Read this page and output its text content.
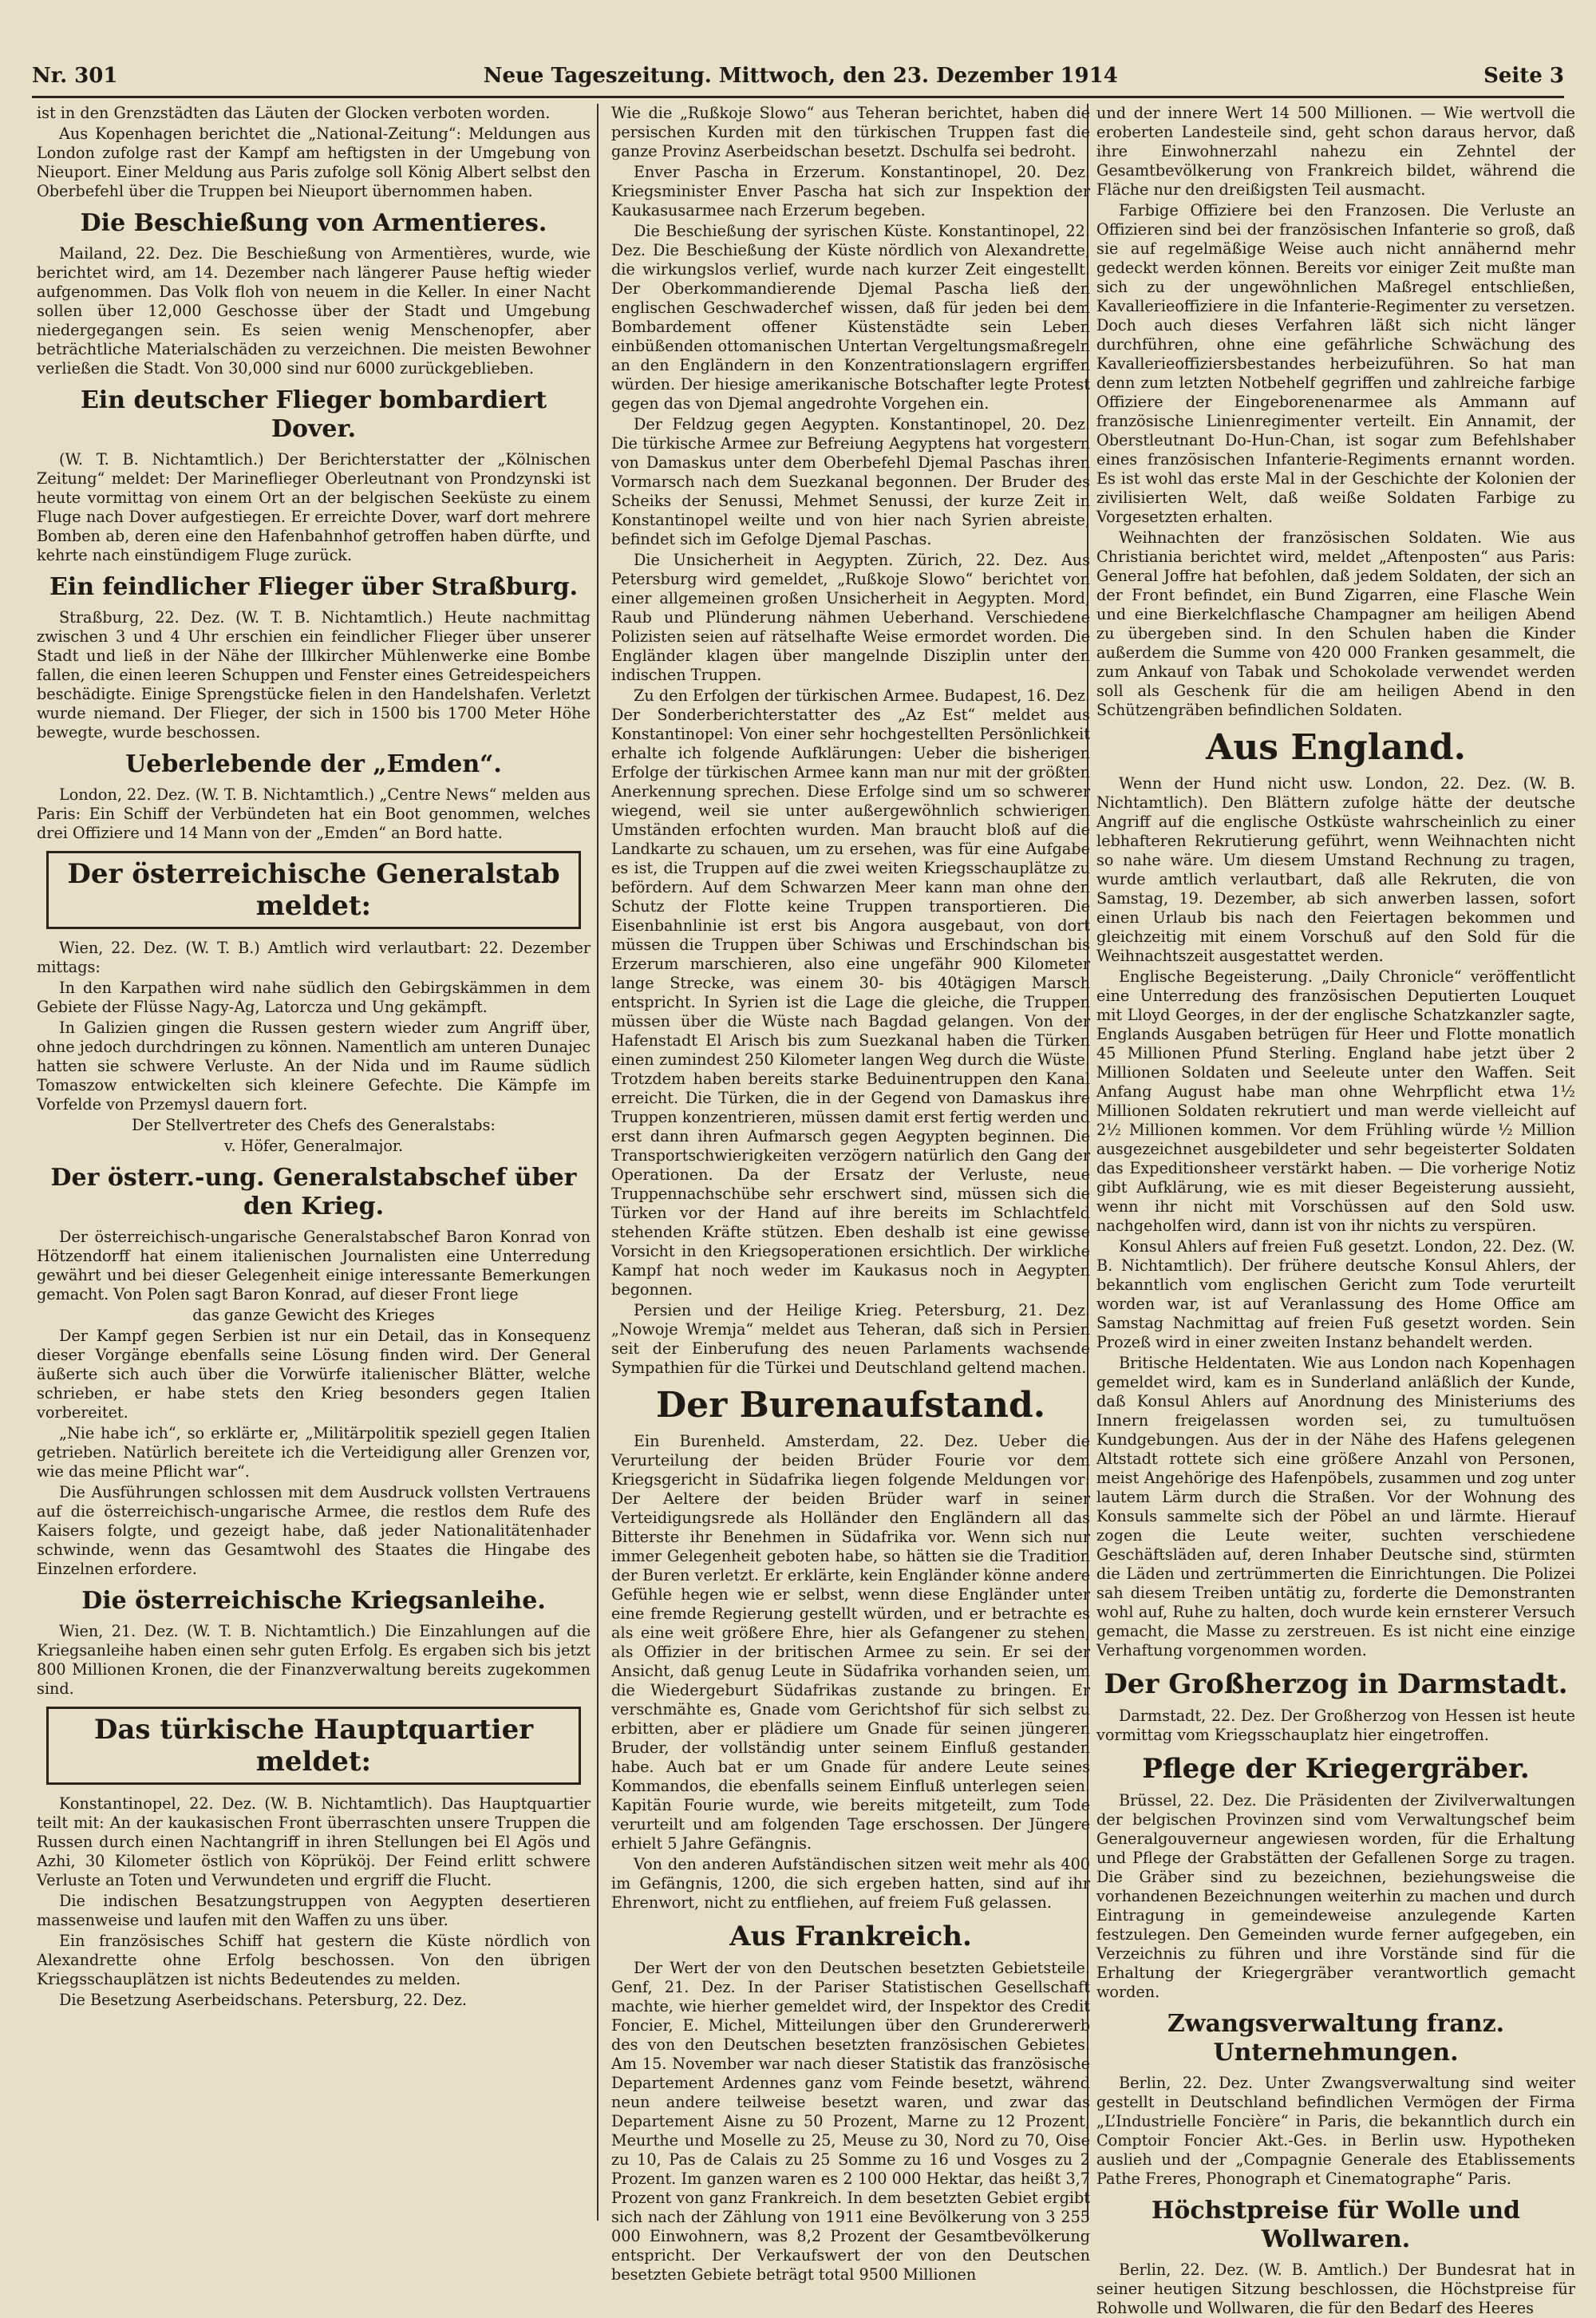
Nr. 301	Neue Tageszeitung. Mittwoch, den 23. Dezember 1914	Seite 3

ist in den Grenzstädten das Läuten der Glocken verboten worden.

Aus Kopenhagen berichtet die „National-Zeitung“: Meldungen aus London zufolge rast der Kampf am heftigsten in der Umgebung von Nieuport. Einer Meldung aus Paris zufolge soll König Albert selbst den Oberbefehl über die Truppen bei Nieuport übernommen haben.

Die Beschießung von Armentieres.

Mailand, 22. Dez. Die Beschießung von Armentières, wurde, wie berichtet wird, am 14. Dezember nach längerer Pause heftig wieder aufgenommen. Das Volk floh von neuem in die Keller. In einer Nacht sollen über 12,000 Geschosse über der Stadt und Umgebung niedergegangen sein. Es seien wenig Menschenopfer, aber beträchtliche Materialschäden zu verzeichnen. Die meisten Bewohner verließen die Stadt. Von 30,000 sind nur 6000 zurückgeblieben.

Ein deutscher Flieger bombardiert Dover.

(W. T. B. Nichtamtlich.) Der Berichterstatter der „Kölnischen Zeitung“ meldet: Der Marineflieger Oberleutnant von Prondzynski ist heute vormittag von einem Ort an der belgischen Seeküste zu einem Fluge nach Dover aufgestiegen. Er erreichte Dover, warf dort mehrere Bomben ab, deren eine den Hafenbahnhof getroffen haben dürfte, und kehrte nach einstündigem Fluge zurück.

Ein feindlicher Flieger über Straßburg.

Straßburg, 22. Dez. (W. T. B. Nichtamtlich.) Heute nachmittag zwischen 3 und 4 Uhr erschien ein feindlicher Flieger über unserer Stadt und ließ in der Nähe der Illkircher Mühlenwerke eine Bombe fallen, die einen leeren Schuppen und Fenster eines Getreidespeichers beschädigte. Einige Sprengstücke fielen in den Handelshafen. Verletzt wurde niemand. Der Flieger, der sich in 1500 bis 1700 Meter Höhe bewegte, wurde beschossen.

Ueberlebende der „Emden“.

London, 22. Dez. (W. T. B. Nichtamtlich.) „Centre News“ melden aus Paris: Ein Schiff der Verbündeten hat ein Boot genommen, welches drei Offiziere und 14 Mann von der „Emden“ an Bord hatte.

Der österreichische Generalstab meldet:

Wien, 22. Dez. (W. T. B.) Amtlich wird verlautbart: 22. Dezember mittags:

In den Karpathen wird nahe südlich den Gebirgskämmen in dem Gebiete der Flüsse Nagy-Ag, Latorcza und Ung gekämpft.

In Galizien gingen die Russen gestern wieder zum Angriff über, ohne jedoch durchdringen zu können. Namentlich am unteren Dunajec hatten sie schwere Verluste. An der Nida und im Raume südlich Tomaszow entwickelten sich kleinere Gefechte. Die Kämpfe im Vorfelde von Przemysl dauern fort.

Der Stellvertreter des Chefs des Generalstabs:

v. Höfer, Generalmajor.

Der österr.-ung. Generalstabschef über den Krieg.

Der österreichisch-ungarische Generalstabschef Baron Konrad von Hötzendorff hat einem italienischen Journalisten eine Unterredung gewährt und bei dieser Gelegenheit einige interessante Bemerkungen gemacht. Von Polen sagt Baron Konrad, auf dieser Front liege

das ganze Gewicht des Krieges

Der Kampf gegen Serbien ist nur ein Detail, das in Konsequenz dieser Vorgänge ebenfalls seine Lösung finden wird. Der General äußerte sich auch über die Vorwürfe italienischer Blätter, welche schrieben, er habe stets den Krieg besonders gegen Italien vorbereitet.

„Nie habe ich“, so erklärte er, „Militärpolitik speziell gegen Italien getrieben. Natürlich bereitete ich die Verteidigung aller Grenzen vor, wie das meine Pflicht war“.

Die Ausführungen schlossen mit dem Ausdruck vollsten Vertrauens auf die österreichisch-ungarische Armee, die restlos dem Rufe des Kaisers folgte, und gezeigt habe, daß jeder Nationalitätenhader schwinde, wenn das Gesamtwohl des Staates die Hingabe des Einzelnen erfordere.

Die österreichische Kriegsanleihe.

Wien, 21. Dez. (W. T. B. Nichtamtlich.) Die Einzahlungen auf die Kriegsanleihe haben einen sehr guten Erfolg. Es ergaben sich bis jetzt 800 Millionen Kronen, die der Finanzverwaltung bereits zugekommen sind.

Das türkische Hauptquartier meldet:

Konstantinopel, 22. Dez. (W. B. Nichtamtlich). Das Hauptquartier teilt mit: An der kaukasischen Front überraschten unsere Truppen die Russen durch einen Nachtangriff in ihren Stellungen bei El Agös und Azhi, 30 Kilometer östlich von Köprüköj. Der Feind erlitt schwere Verluste an Toten und Verwundeten und ergriff die Flucht.

Die indischen Besatzungstruppen von Aegypten desertieren massenweise und laufen mit den Waffen zu uns über.

Ein französisches Schiff hat gestern die Küste nördlich von Alexandrette ohne Erfolg beschossen. Von den übrigen Kriegsschauplätzen ist nichts Bedeutendes zu melden.

Die Besetzung Aserbeidschans. Petersburg, 22. Dez.

Wie die „Rußkoje Slowo“ aus Teheran berichtet, haben die persischen Kurden mit den türkischen Truppen fast die ganze Provinz Aserbeidschan besetzt. Dschulfa sei bedroht.

Enver Pascha in Erzerum. Konstantinopel, 20. Dez. Kriegsminister Enver Pascha hat sich zur Inspektion der Kaukasusarmee nach Erzerum begeben.

Die Beschießung der syrischen Küste. Konstantinopel, 22. Dez. Die Beschießung der Küste nördlich von Alexandrette, die wirkungslos verlief, wurde nach kurzer Zeit eingestellt. Der Oberkommandierende Djemal Pascha ließ den englischen Geschwaderchef wissen, daß für jeden bei dem Bombardement offener Küstenstädte sein Leben einbüßenden ottomanischen Untertan Vergeltungsmaßregeln an den Engländern in den Konzentrationslagern ergriffen würden. Der hiesige amerikanische Botschafter legte Protest gegen das von Djemal angedrohte Vorgehen ein.

Der Feldzug gegen Aegypten. Konstantinopel, 20. Dez. Die türkische Armee zur Befreiung Aegyptens hat vorgestern von Damaskus unter dem Oberbefehl Djemal Paschas ihren Vormarsch nach dem Suezkanal begonnen. Der Bruder des Scheiks der Senussi, Mehmet Senussi, der kurze Zeit in Konstantinopel weilte und von hier nach Syrien abreiste, befindet sich im Gefolge Djemal Paschas.

Die Unsicherheit in Aegypten. Zürich, 22. Dez. Aus Petersburg wird gemeldet, „Rußkoje Slowo“ berichtet von einer allgemeinen großen Unsicherheit in Aegypten. Mord, Raub und Plünderung nähmen Ueberhand. Verschiedene Polizisten seien auf rätselhafte Weise ermordet worden. Die Engländer klagen über mangelnde Disziplin unter den indischen Truppen.

Zu den Erfolgen der türkischen Armee. Budapest, 16. Dez. Der Sonderberichterstatter des „Az Est“ meldet aus Konstantinopel: Von einer sehr hochgestellten Persönlichkeit erhalte ich folgende Aufklärungen: Ueber die bisherigen Erfolge der türkischen Armee kann man nur mit der größten Anerkennung sprechen. Diese Erfolge sind um so schwerer wiegend, weil sie unter außergewöhnlich schwierigen Umständen erfochten wurden. Man braucht bloß auf die Landkarte zu schauen, um zu ersehen, was für eine Aufgabe es ist, die Truppen auf die zwei weiten Kriegsschauplätze zu befördern. Auf dem Schwarzen Meer kann man ohne den Schutz der Flotte keine Truppen transportieren. Die Eisenbahnlinie ist erst bis Angora ausgebaut, von dort müssen die Truppen über Schiwas und Erschindschan bis Erzerum marschieren, also eine ungefähr 900 Kilometer lange Strecke, was einem 30- bis 40tägigen Marsch entspricht. In Syrien ist die Lage die gleiche, die Truppen müssen über die Wüste nach Bagdad gelangen. Von der Hafenstadt El Arisch bis zum Suezkanal haben die Türken einen zumindest 250 Kilometer langen Weg durch die Wüste. Trotzdem haben bereits starke Beduinentruppen den Kanal erreicht. Die Türken, die in der Gegend von Damaskus ihre Truppen konzentrieren, müssen damit erst fertig werden und erst dann ihren Aufmarsch gegen Aegypten beginnen. Die Transportschwierigkeiten verzögern natürlich den Gang der Operationen. Da der Ersatz der Verluste, neue Truppennachschübe sehr erschwert sind, müssen sich die Türken vor der Hand auf ihre bereits im Schlachtfeld stehenden Kräfte stützen. Eben deshalb ist eine gewisse Vorsicht in den Kriegsoperationen ersichtlich. Der wirkliche Kampf hat noch weder im Kaukasus noch in Aegypten begonnen.

Persien und der Heilige Krieg. Petersburg, 21. Dez. „Nowoje Wremja“ meldet aus Teheran, daß sich in Persien seit der Einberufung des neuen Parlaments wachsende Sympathien für die Türkei und Deutschland geltend machen.

Der Burenaufstand.

Ein Burenheld. Amsterdam, 22. Dez. Ueber die Verurteilung der beiden Brüder Fourie vor dem Kriegsgericht in Südafrika liegen folgende Meldungen vor: Der Aeltere der beiden Brüder warf in seiner Verteidigungsrede als Holländer den Engländern all das Bitterste ihr Benehmen in Südafrika vor. Wenn sich nur immer Gelegenheit geboten habe, so hätten sie die Tradition der Buren verletzt. Er erklärte, kein Engländer könne andere Gefühle hegen wie er selbst, wenn diese Engländer unter eine fremde Regierung gestellt würden, und er betrachte es als eine weit größere Ehre, hier als Gefangener zu stehen, als Offizier in der britischen Armee zu sein. Er sei der Ansicht, daß genug Leute in Südafrika vorhanden seien, um die Wiedergeburt Südafrikas zustande zu bringen. Er verschmähte es, Gnade vom Gerichtshof für sich selbst zu erbitten, aber er plädiere um Gnade für seinen jüngeren Bruder, der vollständig unter seinem Einfluß gestanden habe. Auch bat er um Gnade für andere Leute seines Kommandos, die ebenfalls seinem Einfluß unterlegen seien. Kapitän Fourie wurde, wie bereits mitgeteilt, zum Tode verurteilt und am folgenden Tage erschossen. Der Jüngere erhielt 5 Jahre Gefängnis.

Von den anderen Aufständischen sitzen weit mehr als 400 im Gefängnis, 1200, die sich ergeben hatten, sind auf ihr Ehrenwort, nicht zu entfliehen, auf freiem Fuß gelassen.

Aus Frankreich.

Der Wert der von den Deutschen besetzten Gebietsteile. Genf, 21. Dez. In der Pariser Statistischen Gesellschaft machte, wie hierher gemeldet wird, der Inspektor des Credit Foncier, E. Michel, Mitteilungen über den Grundererwerb des von den Deutschen besetzten französischen Gebietes. Am 15. November war nach dieser Statistik das französische Departement Ardennes ganz vom Feinde besetzt, während neun andere teilweise besetzt waren, und zwar das Departement Aisne zu 50 Prozent, Marne zu 12 Prozent, Meurthe und Moselle zu 25, Meuse zu 30, Nord zu 70, Oise zu 10, Pas de Calais zu 25 Somme zu 16 und Vosges zu 2 Prozent. Im ganzen waren es 2 100 000 Hektar, das heißt 3,7 Prozent von ganz Frankreich. In dem besetzten Gebiet ergibt sich nach der Zählung von 1911 eine Bevölkerung von 3 255 000 Einwohnern, was 8,2 Prozent der Gesamtbevölkerung entspricht. Der Verkaufswert der von den Deutschen besetzten Gebiete beträgt total 9500 Millionen

und der innere Wert 14 500 Millionen. — Wie wertvoll die eroberten Landesteile sind, geht schon daraus hervor, daß ihre Einwohnerzahl nahezu ein Zehntel der Gesamtbevölkerung von Frankreich bildet, während die Fläche nur den dreißigsten Teil ausmacht.

Farbige Offiziere bei den Franzosen. Die Verluste an Offizieren sind bei der französischen Infanterie so groß, daß sie auf regelmäßige Weise auch nicht annähernd mehr gedeckt werden können. Bereits vor einiger Zeit mußte man sich zu der ungewöhnlichen Maßregel entschließen, Kavallerieoffiziere in die Infanterie-Regimenter zu versetzen. Doch auch dieses Verfahren läßt sich nicht länger durchführen, ohne eine gefährliche Schwächung des Kavallerieoffiziersbestandes herbeizuführen. So hat man denn zum letzten Notbehelf gegriffen und zahlreiche farbige Offiziere der Eingeborenenarmee als Ammann auf französische Linienregimenter verteilt. Ein Annamit, der Oberstleutnant Do-Hun-Chan, ist sogar zum Befehlshaber eines französischen Infanterie-Regiments ernannt worden. Es ist wohl das erste Mal in der Geschichte der Kolonien der zivilisierten Welt, daß weiße Soldaten Farbige zu Vorgesetzten erhalten.

Weihnachten der französischen Soldaten. Wie aus Christiania berichtet wird, meldet „Aftenposten“ aus Paris: General Joffre hat befohlen, daß jedem Soldaten, der sich an der Front befindet, ein Bund Zigarren, eine Flasche Wein und eine Bierkelchflasche Champagner am heiligen Abend zu übergeben sind. In den Schulen haben die Kinder außerdem die Summe von 420 000 Franken gesammelt, die zum Ankauf von Tabak und Schokolade verwendet werden soll als Geschenk für die am heiligen Abend in den Schützengräben befindlichen Soldaten.

Aus England.

Wenn der Hund nicht usw. London, 22. Dez. (W. B. Nichtamtlich). Den Blättern zufolge hätte der deutsche Angriff auf die englische Ostküste wahrscheinlich zu einer lebhafteren Rekrutierung geführt, wenn Weihnachten nicht so nahe wäre. Um diesem Umstand Rechnung zu tragen, wurde amtlich verlautbart, daß alle Rekruten, die von Samstag, 19. Dezember, ab sich anwerben lassen, sofort einen Urlaub bis nach den Feiertagen bekommen und gleichzeitig mit einem Vorschuß auf den Sold für die Weihnachtszeit ausgestattet werden.

Englische Begeisterung. „Daily Chronicle“ veröffentlicht eine Unterredung des französischen Deputierten Louquet mit Lloyd Georges, in der der englische Schatzkanzler sagte, Englands Ausgaben betrügen für Heer und Flotte monatlich 45 Millionen Pfund Sterling. England habe jetzt über 2 Millionen Soldaten und Seeleute unter den Waffen. Seit Anfang August habe man ohne Wehrpflicht etwa 1½ Millionen Soldaten rekrutiert und man werde vielleicht auf 2½ Millionen kommen. Vor dem Frühling würde ½ Million ausgezeichnet ausgebildeter und sehr begeisterter Soldaten das Expeditionsheer verstärkt haben. — Die vorherige Notiz gibt Aufklärung, wie es mit dieser Begeisterung aussieht, wenn ihr nicht mit Vorschüssen auf den Sold usw. nachgeholfen wird, dann ist von ihr nichts zu verspüren.

Konsul Ahlers auf freien Fuß gesetzt. London, 22. Dez. (W. B. Nichtamtlich). Der frühere deutsche Konsul Ahlers, der bekanntlich vom englischen Gericht zum Tode verurteilt worden war, ist auf Veranlassung des Home Office am Samstag Nachmittag auf freien Fuß gesetzt worden. Sein Prozeß wird in einer zweiten Instanz behandelt werden.

Britische Heldentaten. Wie aus London nach Kopenhagen gemeldet wird, kam es in Sunderland anläßlich der Kunde, daß Konsul Ahlers auf Anordnung des Ministeriums des Innern freigelassen worden sei, zu tumultuösen Kundgebungen. Aus der in der Nähe des Hafens gelegenen Altstadt rottete sich eine größere Anzahl von Personen, meist Angehörige des Hafenpöbels, zusammen und zog unter lautem Lärm durch die Straßen. Vor der Wohnung des Konsuls sammelte sich der Pöbel an und lärmte. Hierauf zogen die Leute weiter, suchten verschiedene Geschäftsläden auf, deren Inhaber Deutsche sind, stürmten die Läden und zertrümmerten die Einrichtungen. Die Polizei sah diesem Treiben untätig zu, forderte die Demonstranten wohl auf, Ruhe zu halten, doch wurde kein ernsterer Versuch gemacht, die Masse zu zerstreuen. Es ist nicht eine einzige Verhaftung vorgenommen worden.

Der Großherzog in Darmstadt.

Darmstadt, 22. Dez. Der Großherzog von Hessen ist heute vormittag vom Kriegsschauplatz hier eingetroffen.

Pflege der Kriegergräber.

Brüssel, 22. Dez. Die Präsidenten der Zivilverwaltungen der belgischen Provinzen sind vom Verwaltungschef beim Generalgouverneur angewiesen worden, für die Erhaltung und Pflege der Grabstätten der Gefallenen Sorge zu tragen. Die Gräber sind zu bezeichnen, beziehungsweise die vorhandenen Bezeichnungen weiterhin zu machen und durch Eintragung in gemeindeweise anzulegende Karten festzulegen. Den Gemeinden wurde ferner aufgegeben, ein Verzeichnis zu führen und ihre Vorstände sind für die Erhaltung der Kriegergräber verantwortlich gemacht worden.

Zwangsverwaltung franz. Unternehmungen.

Berlin, 22. Dez. Unter Zwangsverwaltung sind weiter gestellt in Deutschland befindlichen Vermögen der Firma „L’Industrielle Foncière“ in Paris, die bekanntlich durch ein Comptoir Foncier Akt.-Ges. in Berlin usw. Hypotheken auslieh und der „Compagnie Generale des Etablissements Pathe Freres, Phonograph et Cinematographe“ Paris.

Höchstpreise für Wolle und Wollwaren.

Berlin, 22. Dez. (W. B. Amtlich.) Der Bundesrat hat in seiner heutigen Sitzung beschlossen, die Höchstpreise für Rohwolle und Wollwaren, die für den Bedarf des Heeres
